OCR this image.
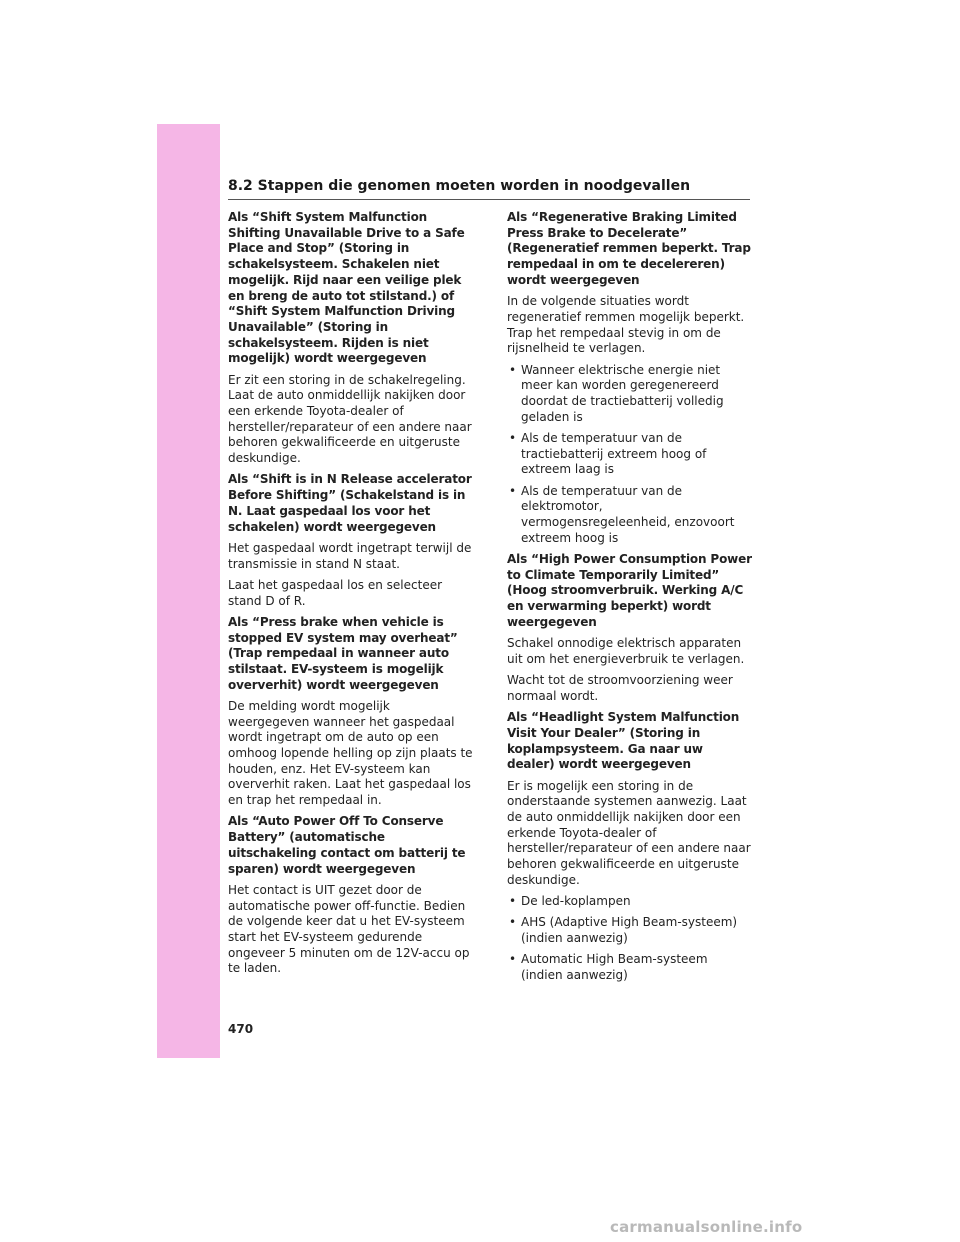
8.2 Stappen die genomen moeten worden in noodgevallen
Als “Shift System Malfunction Shifting Unavailable Drive to a Safe Place and Stop” (Storing in schakelsysteem. Schakelen niet mogelijk. Rijd naar een veilige plek en breng de auto tot stilstand.) of “Shift System Malfunction Driving Unavailable” (Storing in schakelsysteem. Rijden is niet mogelijk) wordt weergegeven

Er zit een storing in de schakelregeling. Laat de auto onmiddellijk nakijken door een erkende Toyota-dealer of hersteller/reparateur of een andere naar behoren gekwalificeerde en uitgeruste deskundige.

Als “Shift is in N Release accelerator Before Shifting” (Schakelstand is in N. Laat gaspedaal los voor het schakelen) wordt weergegeven

Het gaspedaal wordt ingetrapt terwijl de transmissie in stand N staat.

Laat het gaspedaal los en selecteer stand D of R.

Als “Press brake when vehicle is stopped EV system may overheat” (Trap rempedaal in wanneer auto stilstaat. EV-systeem is mogelijk oververhit) wordt weergegeven

De melding wordt mogelijk weergegeven wanneer het gaspedaal wordt ingetrapt om de auto op een omhoog lopende helling op zijn plaats te houden, enz. Het EV-systeem kan oververhit raken. Laat het gaspedaal los en trap het rempedaal in.

Als “Auto Power Off To Conserve Battery” (automatische uitschakeling contact om batterij te sparen) wordt weergegeven

Het contact is UIT gezet door de automatische power off-functie. Bedien de volgende keer dat u het EV-systeem start het EV-systeem gedurende ongeveer 5 minuten om de 12V-accu op te laden.

Als “Regenerative Braking Limited Press Brake to Decelerate” (Regeneratief remmen beperkt. Trap rempedaal in om te decelereren) wordt weergegeven

In de volgende situaties wordt regeneratief remmen mogelijk beperkt. Trap het rempedaal stevig in om de rijsnelheid te verlagen.

• Wanneer elektrische energie niet meer kan worden geregenereerd doordat de tractiebatterij volledig geladen is
• Als de temperatuur van de tractiebatterij extreem hoog of extreem laag is
• Als de temperatuur van de elektromotor, vermogensregeleenheid, enzovoort extreem hoog is
Als “High Power Consumption Power to Climate Temporarily Limited” (Hoog stroomverbruik. Werking A/C en verwarming beperkt) wordt weergegeven

Schakel onnodige elektrisch apparaten uit om het energieverbruik te verlagen.

Wacht tot de stroomvoorziening weer normaal wordt.

Als “Headlight System Malfunction Visit Your Dealer” (Storing in koplampsysteem. Ga naar uw dealer) wordt weergegeven

Er is mogelijk een storing in de onderstaande systemen aanwezig. Laat de auto onmiddellijk nakijken door een erkende Toyota-dealer of hersteller/reparateur of een andere naar behoren gekwalificeerde en uitgeruste deskundige.

• De led-koplampen
• AHS (Adaptive High Beam-systeem) (indien aanwezig)
• Automatic High Beam-systeem (indien aanwezig)
470
carmanualsonline.info
